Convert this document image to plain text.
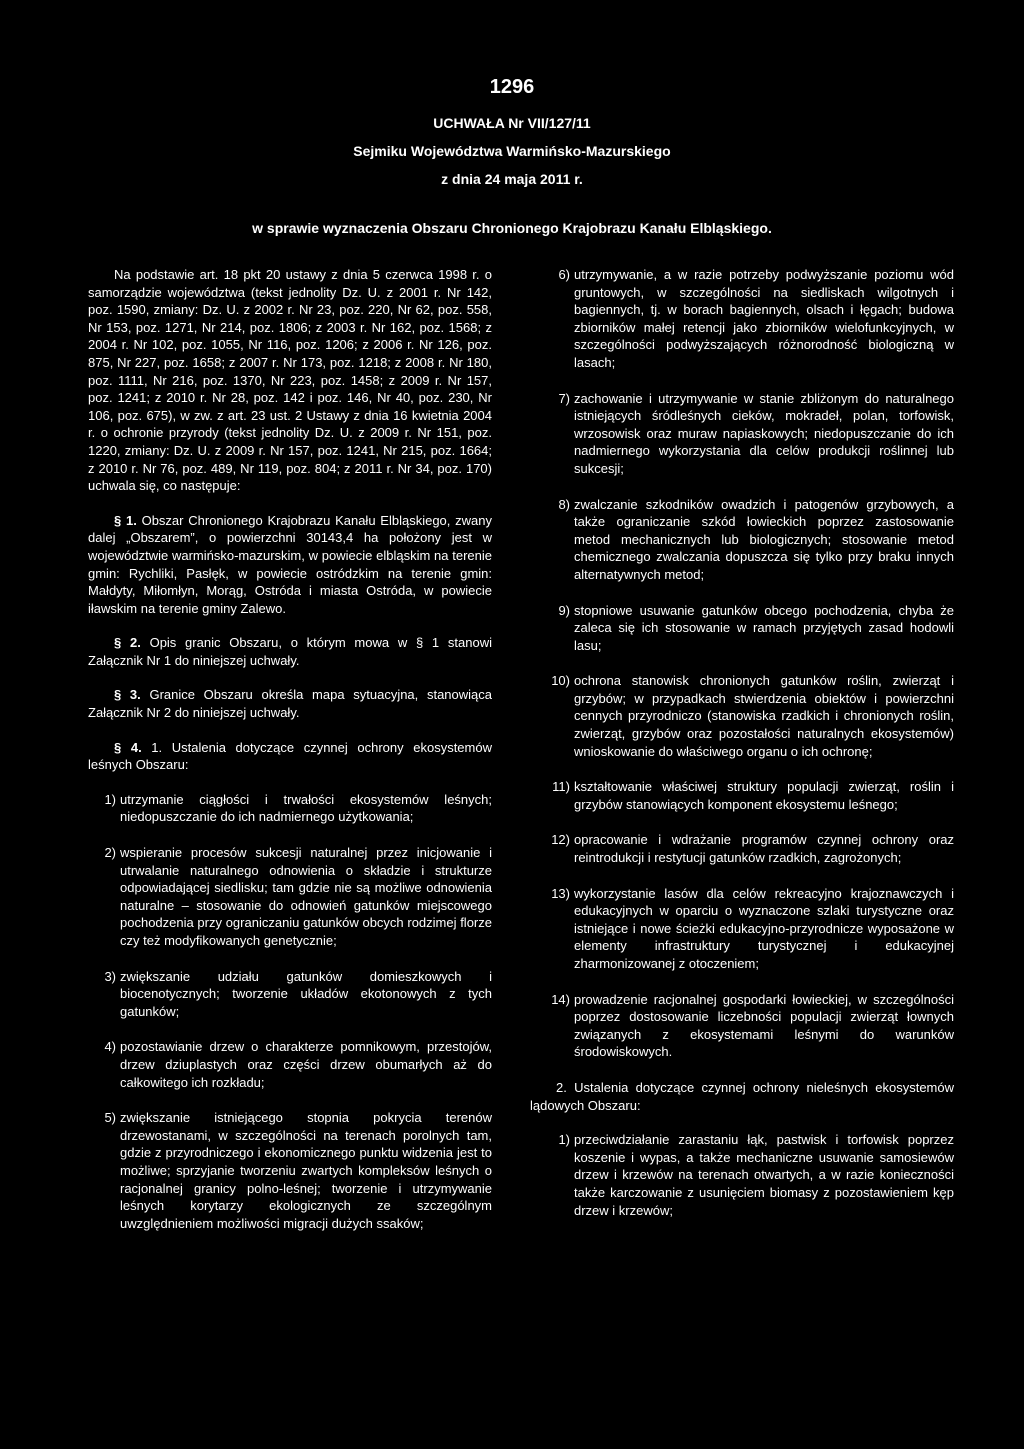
1296
UCHWAŁA Nr VII/127/11
Sejmiku Województwa Warmińsko-Mazurskiego
z dnia 24 maja 2011 r.
w sprawie wyznaczenia Obszaru Chronionego Krajobrazu Kanału Elbląskiego.

Na podstawie art. 18 pkt 20 ustawy z dnia 5 czerwca 1998 r. o samorządzie województwa (tekst jednolity Dz. U. z 2001 r. Nr 142, poz. 1590, zmiany: Dz. U. z 2002 r. Nr 23, poz. 220, Nr 62, poz. 558, Nr 153, poz. 1271, Nr 214, poz. 1806; z 2003 r. Nr 162, poz. 1568; z 2004 r. Nr 102, poz. 1055, Nr 116, poz. 1206; z 2006 r. Nr 126, poz. 875, Nr 227, poz. 1658; z 2007 r. Nr 173, poz. 1218; z 2008 r. Nr 180, poz. 1111, Nr 216, poz. 1370, Nr 223, poz. 1458; z 2009 r. Nr 157, poz. 1241; z 2010 r. Nr 28, poz. 142 i poz. 146, Nr 40, poz. 230, Nr 106, poz. 675), w zw. z art. 23 ust. 2 Ustawy z dnia 16 kwietnia 2004 r. o ochronie przyrody (tekst jednolity Dz. U. z 2009 r. Nr 151, poz. 1220, zmiany: Dz. U. z 2009 r. Nr 157, poz. 1241, Nr 215, poz. 1664; z 2010 r. Nr 76, poz. 489, Nr 119, poz. 804; z 2011 r. Nr 34, poz. 170) uchwala się, co następuje:

§ 1. Obszar Chronionego Krajobrazu Kanału Elbląskiego, zwany dalej „Obszarem”, o powierzchni 30143,4 ha położony jest w województwie warmińsko-mazurskim, w powiecie elbląskim na terenie gmin: Rychliki, Pasłęk, w powiecie ostródzkim na terenie gmin: Małdyty, Miłomłyn, Morąg, Ostróda i miasta Ostróda, w powiecie iławskim na terenie gminy Zalewo.

§ 2. Opis granic Obszaru, o którym mowa w § 1 stanowi Załącznik Nr 1 do niniejszej uchwały.

§ 3. Granice Obszaru określa mapa sytuacyjna, stanowiąca Załącznik Nr 2 do niniejszej uchwały.

§ 4. 1. Ustalenia dotyczące czynnej ochrony ekosystemów leśnych Obszaru:

1) utrzymanie ciągłości i trwałości ekosystemów leśnych; niedopuszczanie do ich nadmiernego użytkowania;
2) wspieranie procesów sukcesji naturalnej przez inicjowanie i utrwalanie naturalnego odnowienia o składzie i strukturze odpowiadającej siedlisku; tam gdzie nie są możliwe odnowienia naturalne – stosowanie do odnowień gatunków miejscowego pochodzenia przy ograniczaniu gatunków obcych rodzimej florze czy też modyfikowanych genetycznie;
3) zwiększanie udziału gatunków domieszkowych i biocenotycznych; tworzenie układów ekotonowych z tych gatunków;
4) pozostawianie drzew o charakterze pomnikowym, przestojów, drzew dziuplastych oraz części drzew obumarłych aż do całkowitego ich rozkładu;
5) zwiększanie istniejącego stopnia pokrycia terenów drzewostanami, w szczególności na terenach porolnych tam, gdzie z przyrodniczego i ekonomicznego punktu widzenia jest to możliwe; sprzyjanie tworzeniu zwartych kompleksów leśnych o racjonalnej granicy polno-leśnej; tworzenie i utrzymywanie leśnych korytarzy ekologicznych ze szczególnym uwzględnieniem możliwości migracji dużych ssaków;
6) utrzymywanie, a w razie potrzeby podwyższanie poziomu wód gruntowych, w szczególności na siedliskach wilgotnych i bagiennych, tj. w borach bagiennych, olsach i łęgach; budowa zbiorników małej retencji jako zbiorników wielofunkcyjnych, w szczególności podwyższających różnorodność biologiczną w lasach;
7) zachowanie i utrzymywanie w stanie zbliżonym do naturalnego istniejących śródleśnych cieków, mokradeł, polan, torfowisk, wrzosowisk oraz muraw napiaskowych; niedopuszczanie do ich nadmiernego wykorzystania dla celów produkcji roślinnej lub sukcesji;
8) zwalczanie szkodników owadzich i patogenów grzybowych, a także ograniczanie szkód łowieckich poprzez zastosowanie metod mechanicznych lub biologicznych; stosowanie metod chemicznego zwalczania dopuszcza się tylko przy braku innych alternatywnych metod;
9) stopniowe usuwanie gatunków obcego pochodzenia, chyba że zaleca się ich stosowanie w ramach przyjętych zasad hodowli lasu;
10) ochrona stanowisk chronionych gatunków roślin, zwierząt i grzybów; w przypadkach stwierdzenia obiektów i powierzchni cennych przyrodniczo (stanowiska rzadkich i chronionych roślin, zwierząt, grzybów oraz pozostałości naturalnych ekosystemów) wnioskowanie do właściwego organu o ich ochronę;
11) kształtowanie właściwej struktury populacji zwierząt, roślin i grzybów stanowiących komponent ekosystemu leśnego;
12) opracowanie i wdrażanie programów czynnej ochrony oraz reintrodukcji i restytucji gatunków rzadkich, zagrożonych;
13) wykorzystanie lasów dla celów rekreacyjno krajoznawczych i edukacyjnych w oparciu o wyznaczone szlaki turystyczne oraz istniejące i nowe ścieżki edukacyjno-przyrodnicze wyposażone w elementy infrastruktury turystycznej i edukacyjnej zharmonizowanej z otoczeniem;
14) prowadzenie racjonalnej gospodarki łowieckiej, w szczególności poprzez dostosowanie liczebności populacji zwierząt łownych związanych z ekosystemami leśnymi do warunków środowiskowych.

2. Ustalenia dotyczące czynnej ochrony nieleśnych ekosystemów lądowych Obszaru:

1) przeciwdziałanie zarastaniu łąk, pastwisk i torfowisk poprzez koszenie i wypas, a także mechaniczne usuwanie samosiewów drzew i krzewów na terenach otwartych, a w razie konieczności także karczowanie z usunięciem biomasy z pozostawieniem kęp drzew i krzewów;
